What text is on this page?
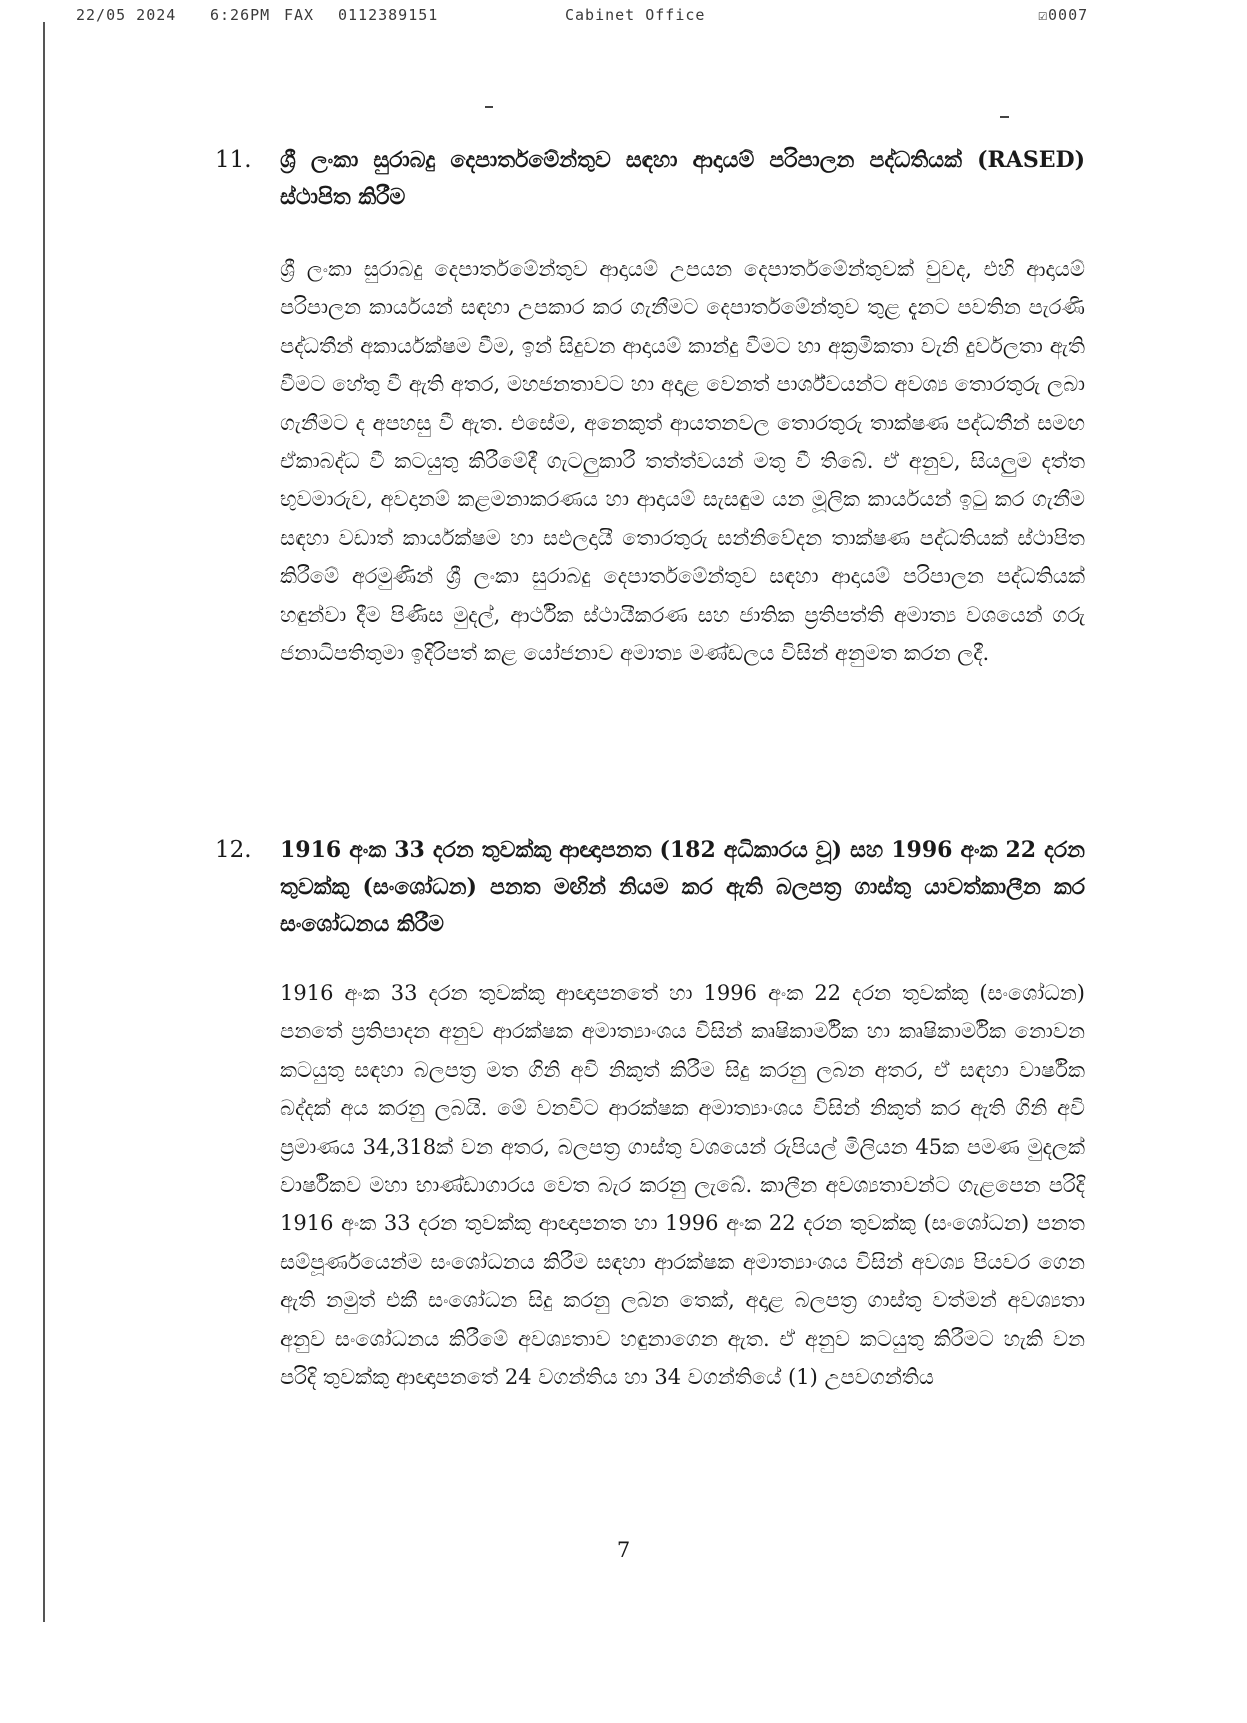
22/05 2024 6:26PM FAX 0112389151	Cabinet Office	☑0007
11. ශ්‍රී ලංකා සුරාබදු දෙපාර්තමේන්තුව සඳහා ආදායම් පරිපාලන පද්ධතියක් (RASED) ස්ථාපිත කිරීම
ශ්‍රී ලංකා සුරාබදු දෙපාර්තමේන්තුව ආදායම් උපයන දෙපාර්තමේන්තුවක් වුවද, එහි ආදායම් පරිපාලන කාර්යයන් සඳහා උපකාර කර ගැනීමට දෙපාර්තමේන්තුව තුළ දැනට පවතින පැරණි පද්ධතීන් අකාර්යක්ෂම වීම, ඉන් සිදුවන ආදායම් කාන්දු වීමට හා අක්‍රමිකතා වැනි දුර්වලතා ඇති වීමට හේතු වී ඇති අතර, මහජනතාවට හා අදාළ වෙනත් පාර්ශ්වයන්ට අවශ්‍ය තොරතුරු ලබා ගැනීමට ද අපහසු වී ඇත. එසේම, අනෙකුත් ආයතනවල තොරතුරු තාක්ෂණ පද්ධතීන් සමඟ ඒකාබද්ධ වී කටයුතු කිරීමේදී ගැටලුකාරී තත්ත්වයන් මතු වී තිබේ. ඒ අනුව, සියලුම දත්ත භුවමාරුව, අවදානම් කළමනාකරණය හා ආදායම් සැසඳුම යන මූලික කාර්යයන් ඉටු කර ගැනීම සඳහා වඩාත් කාර්යක්ෂම හා සඵලදායී තොරතුරු සන්නිවේදන තාක්ෂණ පද්ධතියක් ස්ථාපිත කිරීමේ අරමුණින් ශ්‍රී ලංකා සුරාබදු දෙපාර්තමේන්තුව සඳහා ආදායම් පරිපාලන පද්ධතියක් හඳුන්වා දීම පිණිස මුදල්, ආර්ථික ස්ථායීකරණ සහ ජාතික ප්‍රතිපත්ති අමාත්‍ය වශයෙන් ගරු ජනාධිපතිතුමා ඉදිරිපත් කළ යෝජනාව අමාත්‍ය මණ්ඩලය විසින් අනුමත කරන ලදී.
12. 1916 අංක 33 දරන තුවක්කු ආඥාපනත (182 අධිකාරය වූ) සහ 1996 අංක 22 දරන තුවක්කු (සංශෝධන) පනත මඟින් නියම කර ඇති බලපත්‍ර ගාස්තු යාවත්කාලීන කර සංශෝධනය කිරීම
1916 අංක 33 දරන තුවක්කු ආඥාපනතේ හා 1996 අංක 22 දරන තුවක්කු (සංශෝධන) පනතේ ප්‍රතිපාදන අනුව ආරක්ෂක අමාත්‍යාංශය විසින් කෘෂිකාර්මික හා කෘෂිකාර්මික නොවන කටයුතු සඳහා බලපත්‍ර මත ගිනි අවි නිකුත් කිරීම සිදු කරනු ලබන අතර, ඒ සඳහා වාර්ෂික බද්දක් අය කරනු ලබයි. මේ වනවිට ආරක්ෂක අමාත්‍යාංශය විසින් නිකුත් කර ඇති ගිනි අවි ප්‍රමාණය 34,318ක් වන අතර, බලපත්‍ර ගාස්තු වශයෙන් රුපියල් මිලියන 45ක පමණ මුදලක් වාර්ෂිකව මහා භාණ්ඩාගාරය වෙත බැර කරනු ලැබේ. කාලීන අවශ්‍යතාවන්ට ගැළපෙන පරිදි 1916 අංක 33 දරන තුවක්කු ආඥාපනත හා 1996 අංක 22 දරන තුවක්කු (සංශෝධන) පනත සම්පූර්ණයෙන්ම සංශෝධනය කිරීම සඳහා ආරක්ෂක අමාත්‍යාංශය විසින් අවශ්‍ය පියවර ගෙන ඇති නමුත් එකී සංශෝධන සිදු කරනු ලබන තෙක්, අදාළ බලපත්‍ර ගාස්තු වත්මන් අවශ්‍යතා අනුව සංශෝධනය කිරීමේ අවශ්‍යතාව හඳුනාගෙන ඇත. ඒ අනුව කටයුතු කිරීමට හැකි වන පරිදි තුවක්කු ආඥාපනතේ 24 වගන්තිය හා 34 වගන්තියේ (1) උපවගන්තිය
7
